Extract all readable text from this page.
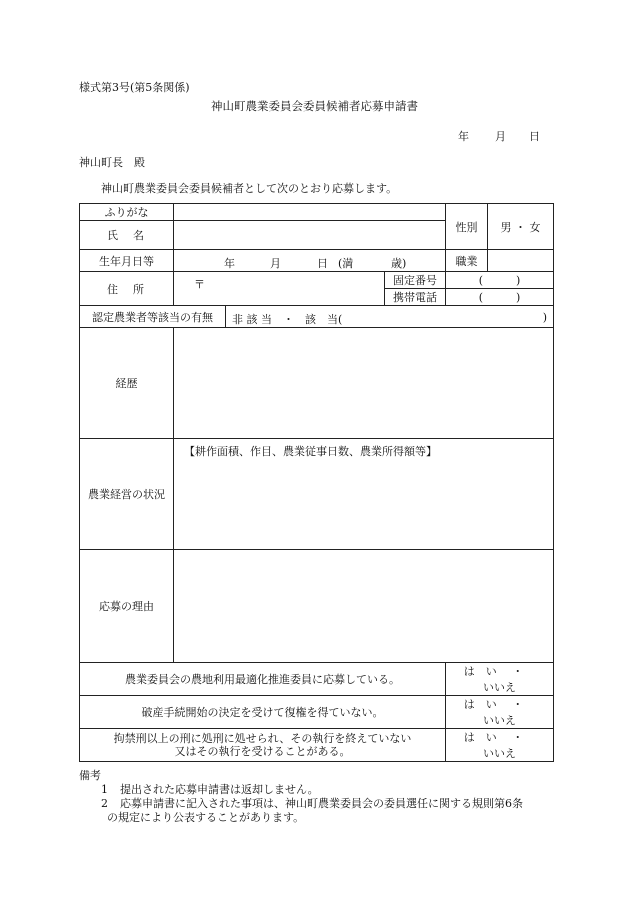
様式第3号(第5条関係)
神山町農業委員会委員候補者応募申請書
年 月 日
神山町長　殿
神山町農業委員会委員候補者として次のとおり応募します。
ふりがな				性別 男 ・ 女

氏　名				
生年月日等	年 月 日 (満 歳)			職業

住　所	〒		固定番号	(　　　)
			携帯電話	(　　　)
認定農業者等該当の有無		非 該 当　・　該　当( )		

経歴				
農業経営の状況	【耕作面積、作目、農業従事日数、農業所得額等】			
応募の理由				
農業委員会の農地利用最適化推進委員に応募している。				は　い ・ いいえ
破産手続開始の決定を受けて復権を得ていない。				は　い ・ いいえ

拘禁刑以上の刑に処刑に処せられ、その執行を終えていない
又はその執行を受けることがある。				は　い ・ いいえ
備考
1 提出された応募申請書は返却しません。
2 応募申請書に記入された事項は、神山町農業委員会の委員選任に関する規則第6条
の規定により公表することがあります。
